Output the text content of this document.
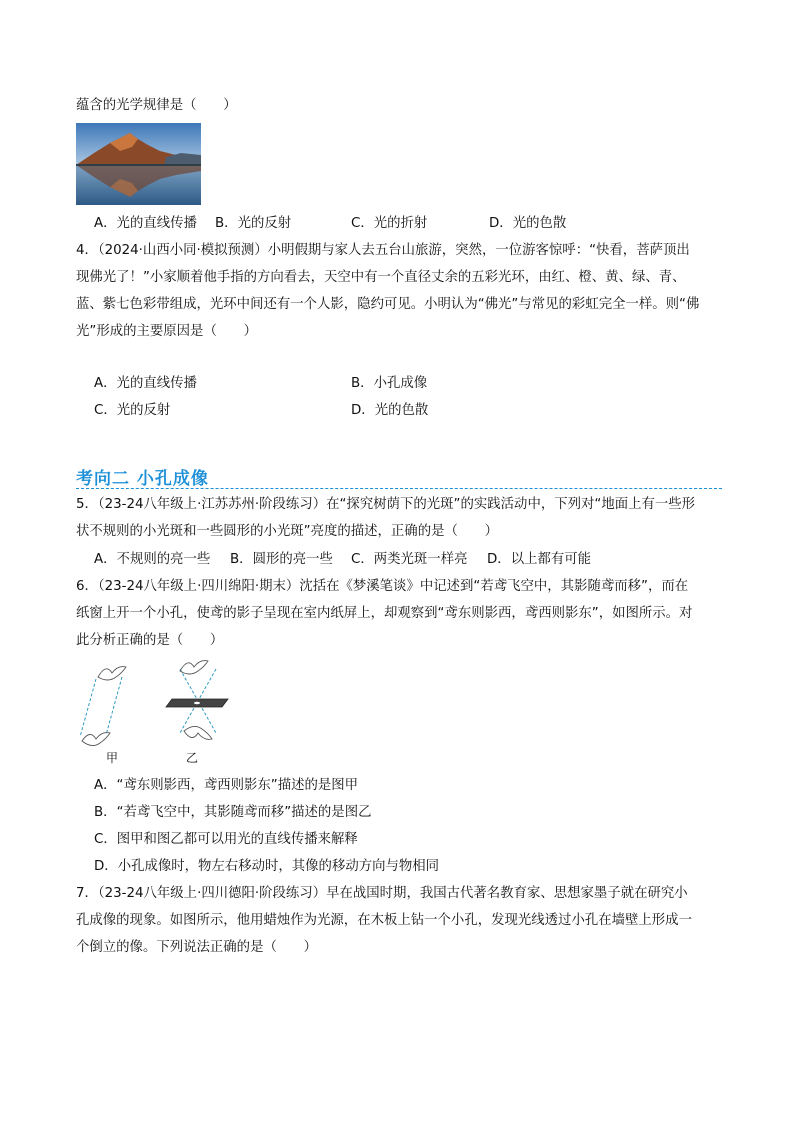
蕴含的光学规律是（　　）
A．光的直线传播 B．光的反射	C．光的折射	D．光的色散
4．（2024·山西小同·模拟预测）小明假期与家人去五台山旅游，突然，一位游客惊呼：“快看，菩萨顶出
现佛光了！”小家顺着他手指的方向看去，天空中有一个直径丈余的五彩光环，由红、橙、黄、绿、青、
蓝、紫七色彩带组成，光环中间还有一个人影，隐约可见。小明认为“佛光”与常见的彩虹完全一样。则“佛
光”形成的主要原因是（　　）
A．光的直线传播	B．小孔成像
C．光的反射	D．光的色散
考向二 小孔成像
5．（23-24八年级上·江苏苏州·阶段练习）在“探究树荫下的光斑”的实践活动中，下列对“地面上有一些形
状不规则的小光斑和一些圆形的小光斑”亮度的描述，正确的是（　　）
A．不规则的亮一些 B．圆形的亮一些 C．两类光斑一样亮 D．以上都有可能
6．（23-24八年级上·四川绵阳·期末）沈括在《梦溪笔谈》中记述到“若鸢飞空中，其影随鸢而移”，而在
纸窗上开一个小孔，使鸢的影子呈现在室内纸屏上，却观察到“鸢东则影西，鸢西则影东”，如图所示。对
此分析正确的是（　　）
甲	乙
A．“鸢东则影西，鸢西则影东”描述的是图甲
B．“若鸢飞空中，其影随鸢而移”描述的是图乙
C．图甲和图乙都可以用光的直线传播来解释
D．小孔成像时，物左右移动时，其像的移动方向与物相同
7．（23-24八年级上·四川德阳·阶段练习）早在战国时期，我国古代著名教育家、思想家墨子就在研究小
孔成像的现象。如图所示，他用蜡烛作为光源，在木板上钻一个小孔，发现光线透过小孔在墙壁上形成一
个倒立的像。下列说法正确的是（　　）
